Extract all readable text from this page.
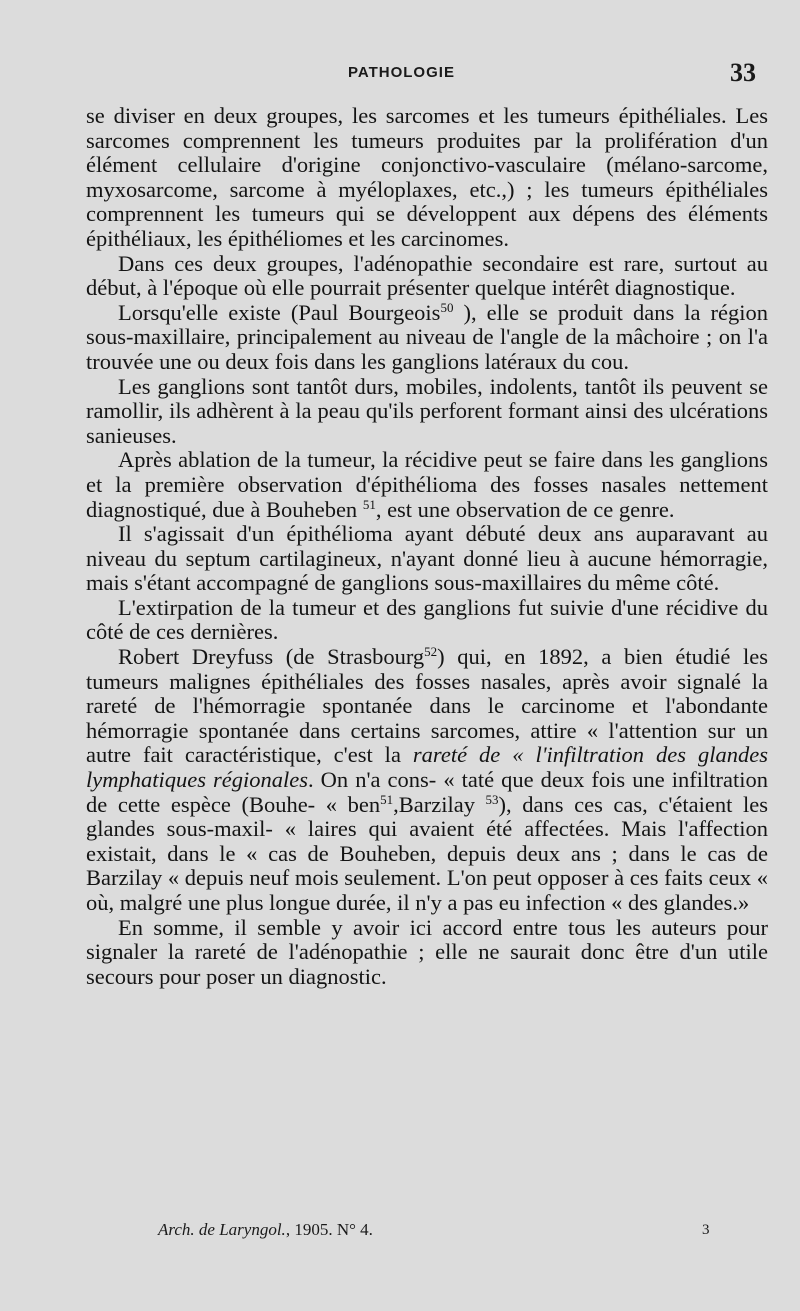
PATHOLOGIE	33

se diviser en deux groupes, les sarcomes et les tumeurs épithéliales. Les sarcomes comprennent les tumeurs produites par la prolifération d'un élément cellulaire d'origine conjonctivo-vasculaire (mélano-sarcome, myxosarcome, sarcome à myéloplaxes, etc.,) ; les tumeurs épithéliales comprennent les tumeurs qui se développent aux dépens des éléments épithéliaux, les épithéliomes et les carcinomes.

Dans ces deux groupes, l'adénopathie secondaire est rare, surtout au début, à l'époque où elle pourrait présenter quelque intérêt diagnostique.

Lorsqu'elle existe (Paul Bourgeois$^{50}$ ), elle se produit dans la région sous-maxillaire, principalement au niveau de l'angle de la mâchoire ; on l'a trouvée une ou deux fois dans les ganglions latéraux du cou.

Les ganglions sont tantôt durs, mobiles, indolents, tantôt ils peuvent se ramollir, ils adhèrent à la peau qu'ils perforent formant ainsi des ulcérations sanieuses.

Après ablation de la tumeur, la récidive peut se faire dans les ganglions et la première observation d'épithélioma des fosses nasales nettement diagnostiqué, due à Bouheben $^{51}$, est une observation de ce genre.

Il s'agissait d'un épithélioma ayant débuté deux ans auparavant au niveau du septum cartilagineux, n'ayant donné lieu à aucune hémorragie, mais s'étant accompagné de ganglions sous-maxillaires du même côté.

L'extirpation de la tumeur et des ganglions fut suivie d'une récidive du côté de ces dernières.

Robert Dreyfuss (de Strasbourg$^{52}$) qui, en 1892, a bien étudié les tumeurs malignes épithéliales des fosses nasales, après avoir signalé la rareté de l'hémorragie spontanée dans le carcinome et l'abondante hémorragie spontanée dans certains sarcomes, attire « l'attention sur un autre fait caractéristique, c'est la rareté de « l'infiltration des glandes lymphatiques régionales. On n'a cons- « taté que deux fois une infiltration de cette espèce (Bouhe- « ben$^{51}$,Barzilay $^{53}$), dans ces cas, c'étaient les glandes sous-maxil- « laires qui avaient été affectées. Mais l'affection existait, dans le « cas de Bouheben, depuis deux ans ; dans le cas de Barzilay « depuis neuf mois seulement. L'on peut opposer à ces faits ceux « où, malgré une plus longue durée, il n'y a pas eu infection « des glandes.»

En somme, il semble y avoir ici accord entre tous les auteurs pour signaler la rareté de l'adénopathie ; elle ne saurait donc être d'un utile secours pour poser un diagnostic.

Arch. de Laryngol., 1905. N° 4.	3
